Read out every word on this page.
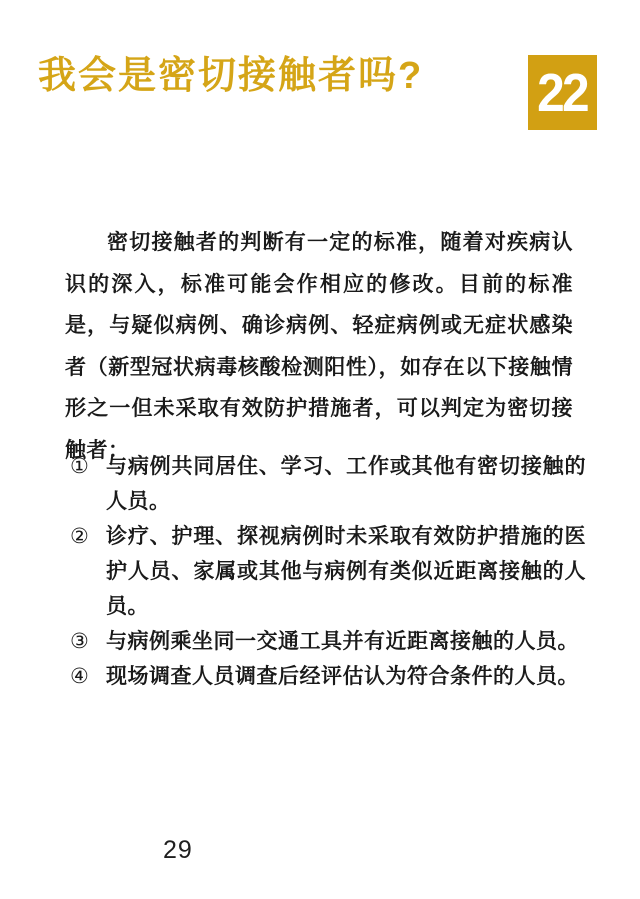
我会是密切接触者吗? 22

密切接触者的判断有一定的标准，随着对疾病认识的深入，标准可能会作相应的修改。目前的标准是，与疑似病例、确诊病例、轻症病例或无症状感染者（新型冠状病毒核酸检测阳性），如存在以下接触情形之一但未采取有效防护措施者，可以判定为密切接触者：

① 与病例共同居住、学习、工作或其他有密切接触的人员。
② 诊疗、护理、探视病例时未采取有效防护措施的医护人员、家属或其他与病例有类似近距离接触的人员。
③ 与病例乘坐同一交通工具并有近距离接触的人员。
④ 现场调查人员调查后经评估认为符合条件的人员。
29
